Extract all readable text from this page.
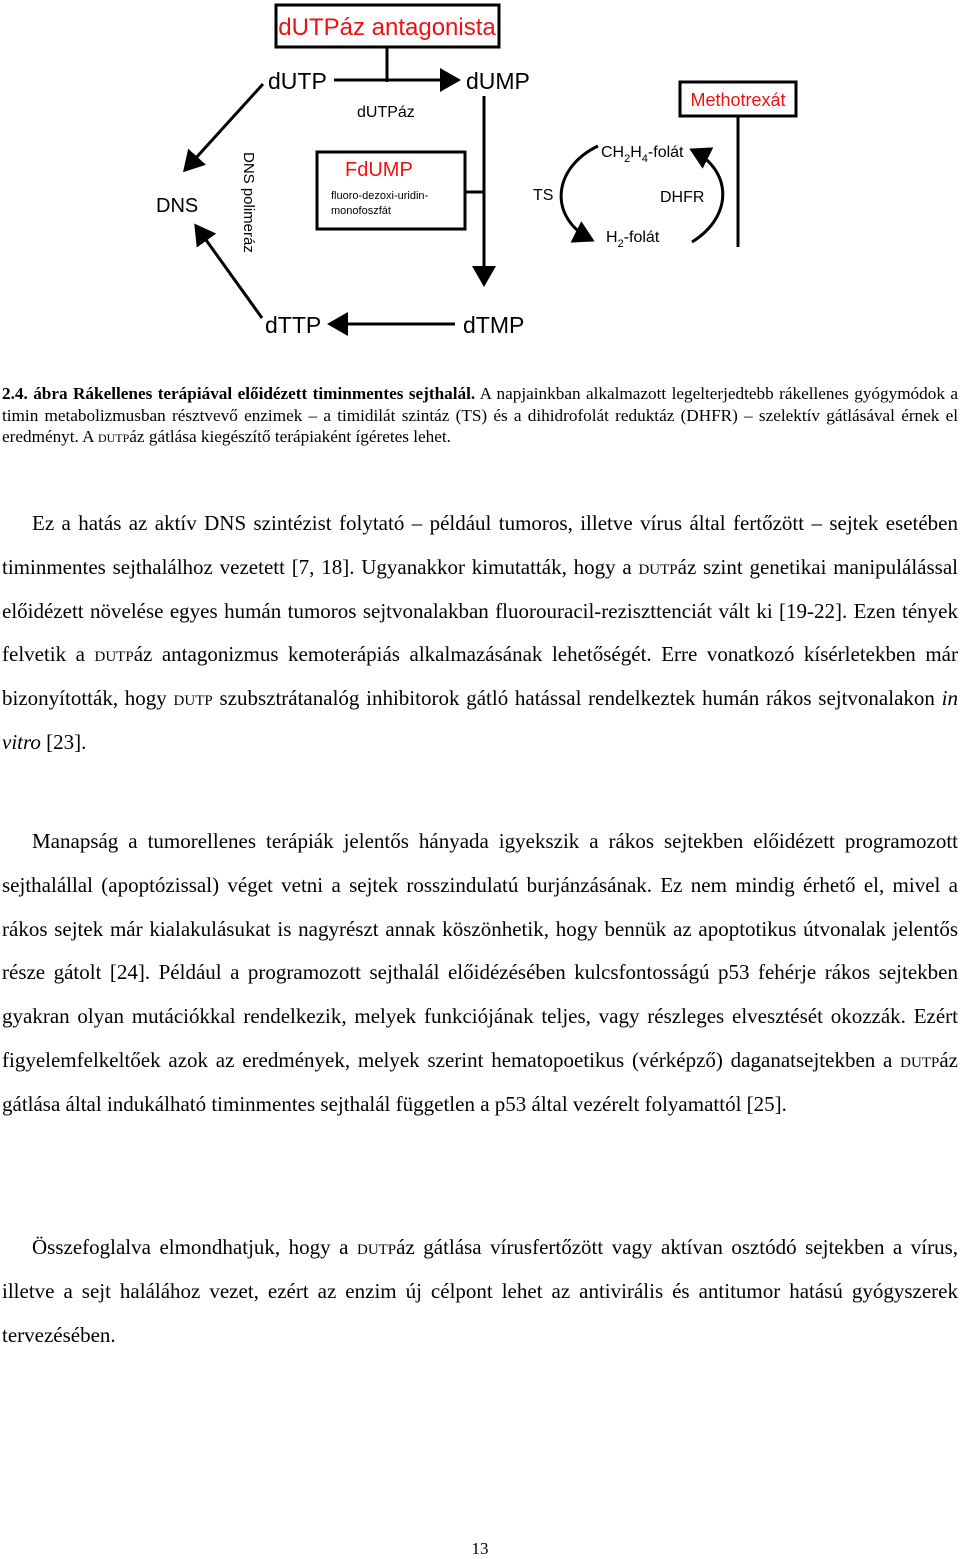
dUTPáz antagonista
dUTP	dUMP
dUTPáz
Methotrexát
DNS	DNS polimeráz	FdUMP
fluoro-dezoxi-uridin-
monofoszfát
TS
$CH_2H_4$-folát
DHFR
$H_2$-folát
dTTP	dTMP

2.4. ábra Rákellenes terápiával előidézett timinmentes sejthalál. A napjainkban alkalmazott legelterjedtebb rákellenes gyógymódok a timin metabolizmusban résztvevő enzimek – a timidilát szintáz (TS) és a dihidrofolát reduktáz (DHFR) – szelektív gátlásával érnek el eredményt. A dutpáz gátlása kiegészítő terápiaként ígéretes lehet.

Ez a hatás az aktív DNS szintézist folytató – például tumoros, illetve vírus által fertőzött – sejtek esetében timinmentes sejthalálhoz vezetett [7, 18]. Ugyanakkor kimutatták, hogy a dutpáz szint genetikai manipulálással előidézett növelése egyes humán tumoros sejtvonalakban fluorouracil-reziszttenciát vált ki [19-22]. Ezen tények felvetik a dutpáz antagonizmus kemoterápiás alkalmazásának lehetőségét. Erre vonatkozó kísérletekben már bizonyították, hogy dutp szubsztrátanalóg inhibitorok gátló hatással rendelkeztek humán rákos sejtvonalakon in vitro [23].

Manapság a tumorellenes terápiák jelentős hányada igyekszik a rákos sejtekben előidézett programozott sejthalállal (apoptózissal) véget vetni a sejtek rosszindulatú burjánzásának. Ez nem mindig érhető el, mivel a rákos sejtek már kialakulásukat is nagyrészt annak köszönhetik, hogy bennük az apoptotikus útvonalak jelentős része gátolt [24]. Például a programozott sejthalál előidézésében kulcsfontosságú p53 fehérje rákos sejtekben gyakran olyan mutációkkal rendelkezik, melyek funkciójának teljes, vagy részleges elvesztését okozzák. Ezért figyelemfelkeltőek azok az eredmények, melyek szerint hematopoetikus (vérképző) daganatsejtekben a dutpáz gátlása által indukálható timinmentes sejthalál független a p53 által vezérelt folyamattól [25].

Összefoglalva elmondhatjuk, hogy a dutpáz gátlása vírusfertőzött vagy aktívan osztódó sejtekben a vírus, illetve a sejt halálához vezet, ezért az enzim új célpont lehet az antivirális és antitumor hatású gyógyszerek tervezésében.

13
